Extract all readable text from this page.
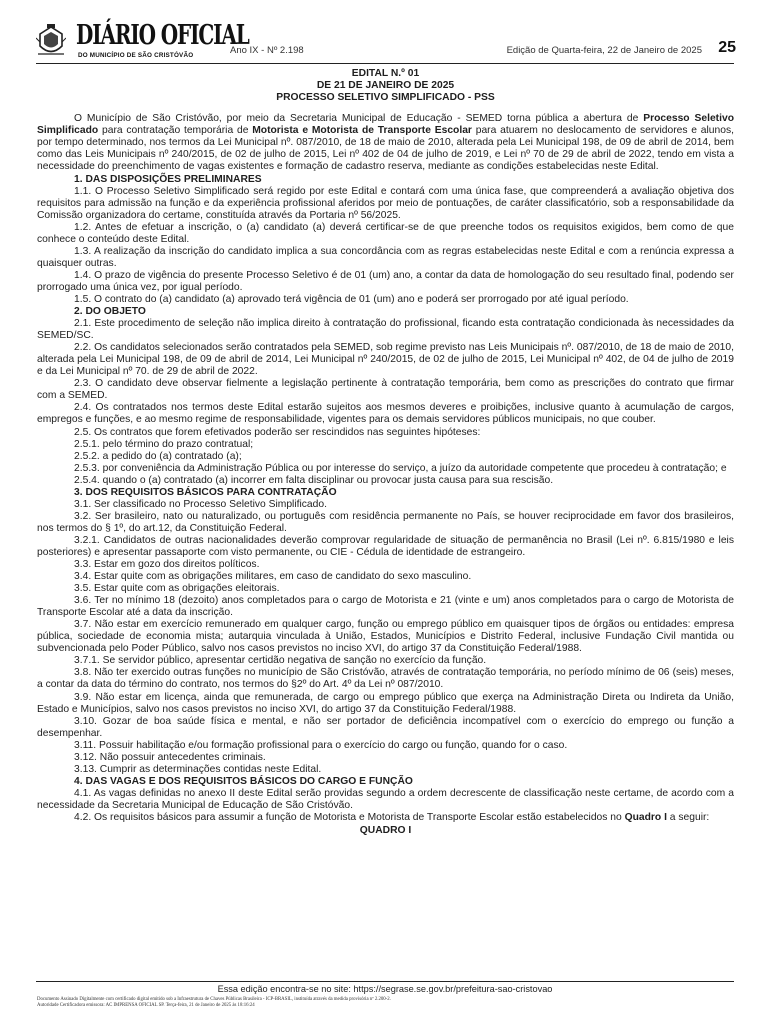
DIÁRIO OFICIAL
DO MUNICÍPIO DE SÃO CRISTÓVÃO	Ano IX - Nº 2.198	Edição de Quarta-feira, 22 de Janeiro de 2025 25
EDITAL N.º 01
DE 21 DE JANEIRO DE 2025
PROCESSO SELETIVO SIMPLIFICADO - PSS

O Município de São Cristóvão, por meio da Secretaria Municipal de Educação - SEMED torna pública a abertura de Processo Seletivo Simplificado para contratação temporária de Motorista e Motorista de Transporte Escolar para atuarem no deslocamento de servidores e alunos, por tempo determinado, nos termos da Lei Municipal nº. 087/2010, de 18 de maio de 2010, alterada pela Lei Municipal 198, de 09 de abril de 2014, bem como das Leis Municipais nº 240/2015, de 02 de julho de 2015, Lei nº 402 de 04 de julho de 2019, e Lei nº 70 de 29 de abril de 2022, tendo em vista a necessidade do preenchimento de vagas existentes e formação de cadastro reserva, mediante as condições estabelecidas neste Edital.

1. DAS DISPOSIÇÕES PRELIMINARES

1.1. O Processo Seletivo Simplificado será regido por este Edital e contará com uma única fase, que compreenderá a avaliação objetiva dos requisitos para admissão na função e da experiência profissional aferidos por meio de pontuações, de caráter classificatório, sob a responsabilidade da Comissão organizadora do certame, constituída através da Portaria nº 56/2025.

1.2. Antes de efetuar a inscrição, o (a) candidato (a) deverá certificar-se de que preenche todos os requisitos exigidos, bem como de que conhece o conteúdo deste Edital.

1.3. A realização da inscrição do candidato implica a sua concordância com as regras estabelecidas neste Edital e com a renúncia expressa a quaisquer outras.

1.4. O prazo de vigência do presente Processo Seletivo é de 01 (um) ano, a contar da data de homologação do seu resultado final, podendo ser prorrogado uma única vez, por igual período.

1.5. O contrato do (a) candidato (a) aprovado terá vigência de 01 (um) ano e poderá ser prorrogado por até igual período.

2. DO OBJETO

2.1. Este procedimento de seleção não implica direito à contratação do profissional, ficando esta contratação condicionada às necessidades da SEMED/SC.

2.2. Os candidatos selecionados serão contratados pela SEMED, sob regime previsto nas Leis Municipais nº. 087/2010, de 18 de maio de 2010, alterada pela Lei Municipal 198, de 09 de abril de 2014, Lei Municipal nº 240/2015, de 02 de julho de 2015, Lei Municipal nº 402, de 04 de julho de 2019 e da Lei Municipal nº 70. de 29 de abril de 2022.

2.3. O candidato deve observar fielmente a legislação pertinente à contratação temporária, bem como as prescrições do contrato que firmar com a SEMED.

2.4. Os contratados nos termos deste Edital estarão sujeitos aos mesmos deveres e proibições, inclusive quanto à acumulação de cargos, empregos e funções, e ao mesmo regime de responsabilidade, vigentes para os demais servidores públicos municipais, no que couber.

2.5. Os contratos que forem efetivados poderão ser rescindidos nas seguintes hipóteses:

2.5.1. pelo término do prazo contratual;

2.5.2. a pedido do (a) contratado (a);

2.5.3. por conveniência da Administração Pública ou por interesse do serviço, a juízo da autoridade competente que procedeu à contratação; e

2.5.4. quando o (a) contratado (a) incorrer em falta disciplinar ou provocar justa causa para sua rescisão.

3. DOS REQUISITOS BÁSICOS PARA CONTRATAÇÃO

3.1. Ser classificado no Processo Seletivo Simplificado.

3.2. Ser brasileiro, nato ou naturalizado, ou português com residência permanente no País, se houver reciprocidade em favor dos brasileiros, nos termos do § 1º, do art.12, da Constituição Federal.

3.2.1. Candidatos de outras nacionalidades deverão comprovar regularidade de situação de permanência no Brasil (Lei nº. 6.815/1980 e leis posteriores) e apresentar passaporte com visto permanente, ou CIE - Cédula de identidade de estrangeiro.

3.3. Estar em gozo dos direitos políticos.

3.4. Estar quite com as obrigações militares, em caso de candidato do sexo masculino.

3.5. Estar quite com as obrigações eleitorais.

3.6. Ter no mínimo 18 (dezoito) anos completados para o cargo de Motorista e 21 (vinte e um) anos completados para o cargo de Motorista de Transporte Escolar até a data da inscrição.

3.7. Não estar em exercício remunerado em qualquer cargo, função ou emprego público em quaisquer tipos de órgãos ou entidades: empresa pública, sociedade de economia mista; autarquia vinculada à União, Estados, Municípios e Distrito Federal, inclusive Fundação Civil mantida ou subvencionada pelo Poder Público, salvo nos casos previstos no inciso XVI, do artigo 37 da Constituição Federal/1988.

3.7.1. Se servidor público, apresentar certidão negativa de sanção no exercício da função.

3.8. Não ter exercido outras funções no município de São Cristóvão, através de contratação temporária, no período mínimo de 06 (seis) meses, a contar da data do término do contrato, nos termos do §2º do Art. 4º da Lei nº 087/2010.

3.9. Não estar em licença, ainda que remunerada, de cargo ou emprego público que exerça na Administração Direta ou Indireta da União, Estado e Municípios, salvo nos casos previstos no inciso XVI, do artigo 37 da Constituição Federal/1988.

3.10. Gozar de boa saúde física e mental, e não ser portador de deficiência incompatível com o exercício do emprego ou função a desempenhar.

3.11. Possuir habilitação e/ou formação profissional para o exercício do cargo ou função, quando for o caso.

3.12. Não possuir antecedentes criminais.

3.13. Cumprir as determinações contidas neste Edital.

4. DAS VAGAS E DOS REQUISITOS BÁSICOS DO CARGO E FUNÇÃO

4.1. As vagas definidas no anexo II deste Edital serão providas segundo a ordem decrescente de classificação neste certame, de acordo com a necessidade da Secretaria Municipal de Educação de São Cristóvão.

4.2. Os requisitos básicos para assumir a função de Motorista e Motorista de Transporte Escolar estão estabelecidos no Quadro I a seguir:

QUADRO I
Essa edição encontra-se no site: https://segrase.se.gov.br/prefeitura-sao-cristovao
Documento Assinado Digitalmente com certificado digital emitido sob a Infraestrutura de Chaves Públicas Brasileira - ICP-BRASIL, instituída através da medida provisória nº 2.200-2.
Autoridade Certificadora emissora: AC IMPRENSA OFICIAL SP. Terça-feira, 21 de Janeiro de 2025 às 18:16:24
